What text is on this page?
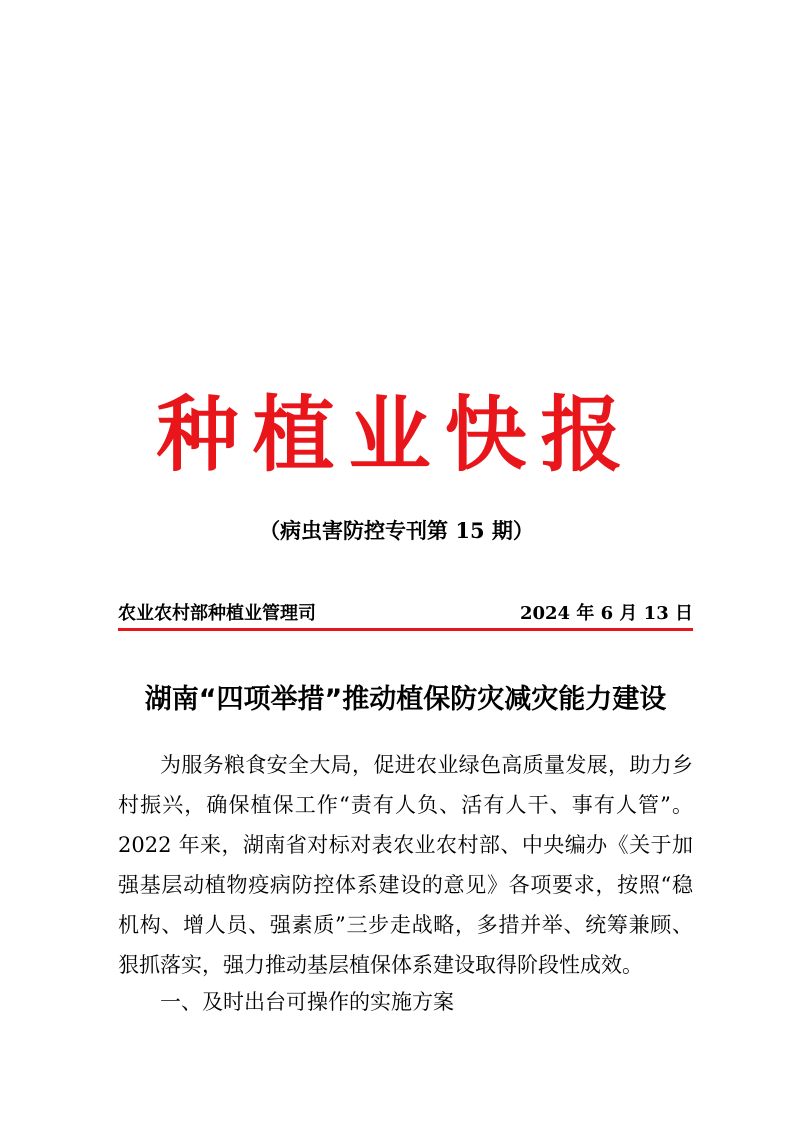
种植业快报
（病虫害防控专刊第 15 期）
农业农村部种植业管理司	2024 年 6 月 13 日
湖南“四项举措”推动植保防灾减灾能力建设

为服务粮食安全大局，促进农业绿色高质量发展，助力乡村振兴，确保植保工作“责有人负、活有人干、事有人管”。2022 年来，湖南省对标对表农业农村部、中央编办《关于加强基层动植物疫病防控体系建设的意见》各项要求，按照“稳机构、增人员、强素质”三步走战略，多措并举、统筹兼顾、狠抓落实，强力推动基层植保体系建设取得阶段性成效。

一、及时出台可操作的实施方案
